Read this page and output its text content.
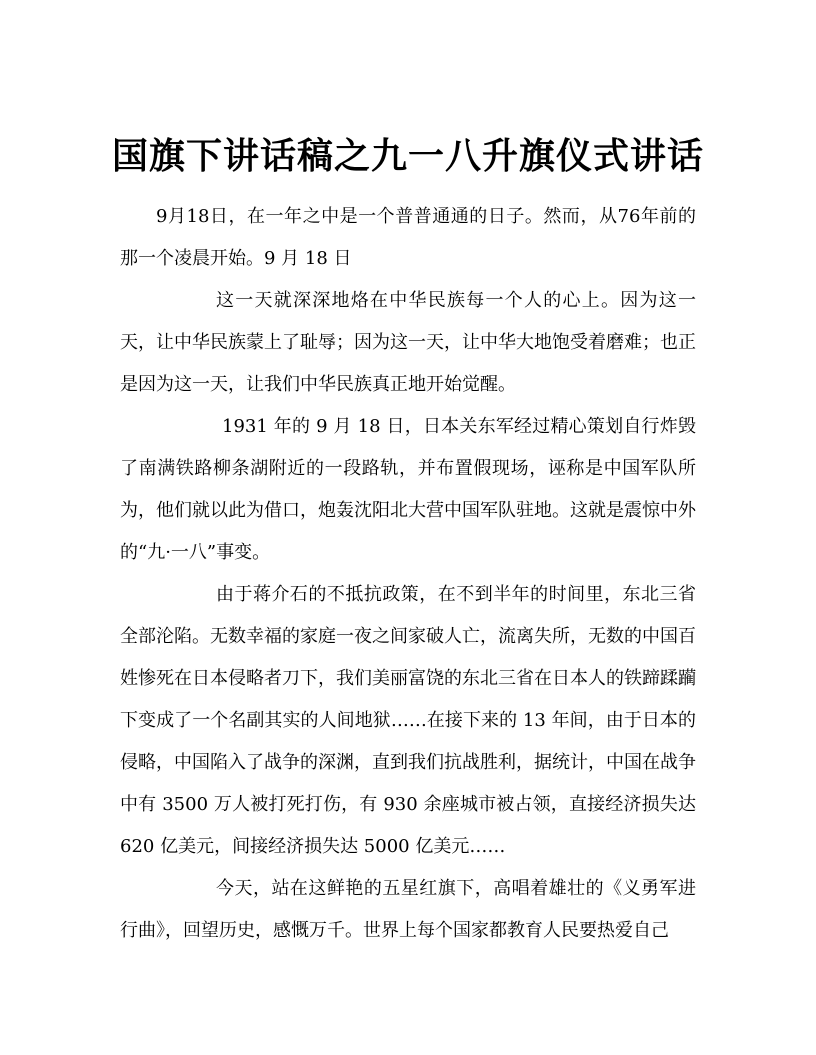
国旗下讲话稿之九一八升旗仪式讲话

9月18日，在一年之中是一个普普通通的日子。然而，从76年前的那一个凌晨开始。9 月 18 日

这一天就深深地烙在中华民族每一个人的心上。因为这一天，让中华民族蒙上了耻辱；因为这一天，让中华大地饱受着磨难；也正是因为这一天，让我们中华民族真正地开始觉醒。

1931 年的 9 月 18 日，日本关东军经过精心策划自行炸毁了南满铁路柳条湖附近的一段路轨，并布置假现场，诬称是中国军队所为，他们就以此为借口，炮轰沈阳北大营中国军队驻地。这就是震惊中外的“九·一八”事变。

由于蒋介石的不抵抗政策，在不到半年的时间里，东北三省全部沦陷。无数幸福的家庭一夜之间家破人亡，流离失所，无数的中国百姓惨死在日本侵略者刀下，我们美丽富饶的东北三省在日本人的铁蹄蹂躏下变成了一个名副其实的人间地狱……在接下来的 13 年间，由于日本的侵略，中国陷入了战争的深渊，直到我们抗战胜利，据统计，中国在战争中有 3500 万人被打死打伤，有 930 余座城市被占领，直接经济损失达 620 亿美元，间接经济损失达 5000 亿美元……

今天，站在这鲜艳的五星红旗下，高唱着雄壮的《义勇军进行曲》，回望历史，感慨万千。世界上每个国家都教育人民要热爱自己
